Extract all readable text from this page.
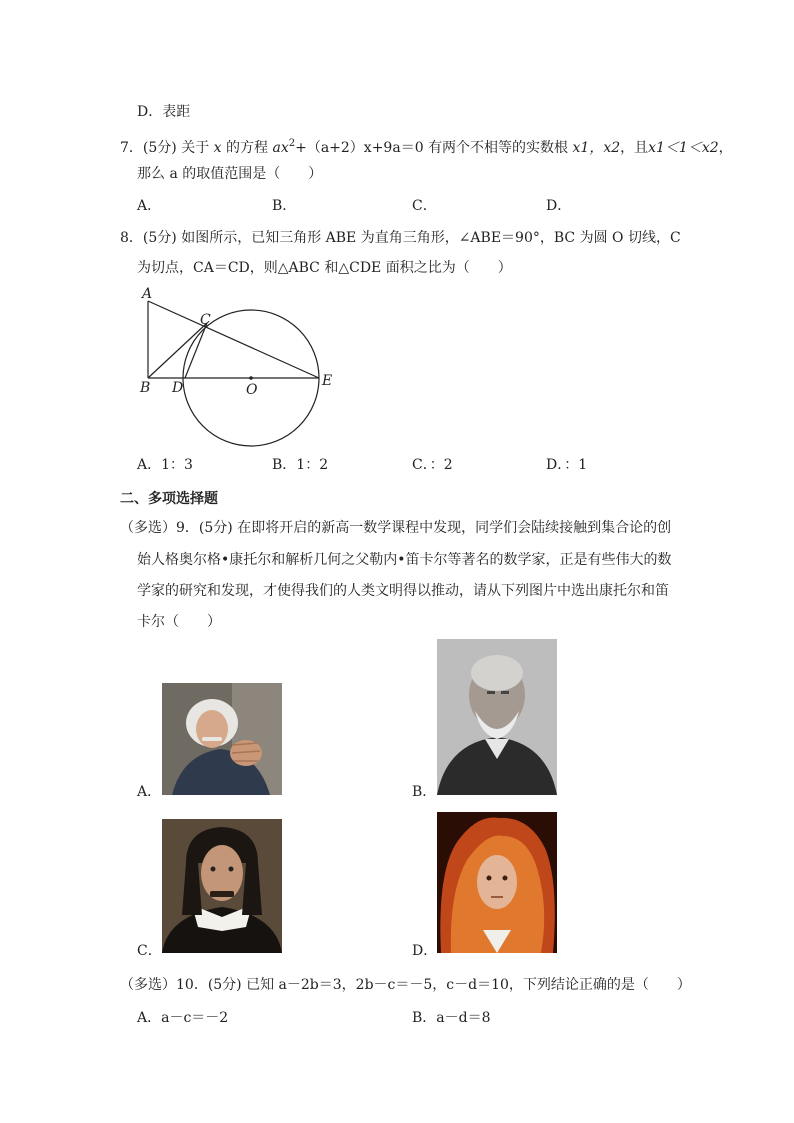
D．表距
7．(5分) 关于 x 的方程 $ax^2+(a+2)x+9a=0$ 有两个不相等的实数根 x1，x2，且x1＜1＜x2，
那么 a 的取值范围是（　　）
A．	B．	C．	D．
8．(5分) 如图所示，已知三角形 ABE 为直角三角形，∠ABE＝90°，BC 为圆 O 切线，C
为切点，CA＝CD，则△ABC 和△CDE 面积之比为（　　）
A
B
C
D	E
O
A．1：3	B．1：2	C．：2	D．：1
二、多项选择题
（多选）9．(5分) 在即将开启的新高一数学课程中发现，同学们会陆续接触到集合论的创
始人格奥尔格•康托尔和解析几何之父勒内•笛卡尔等著名的数学家，正是有些伟大的数
学家的研究和发现，才使得我们的人类文明得以推动，请从下列图片中选出康托尔和笛
卡尔（　　）
A．	B．
C．	D．
（多选）10．(5分) 已知 a－2b＝3，2b－c＝－5，c－d＝10，下列结论正确的是（　　）
A．a－c＝－2	B．a－d＝8
